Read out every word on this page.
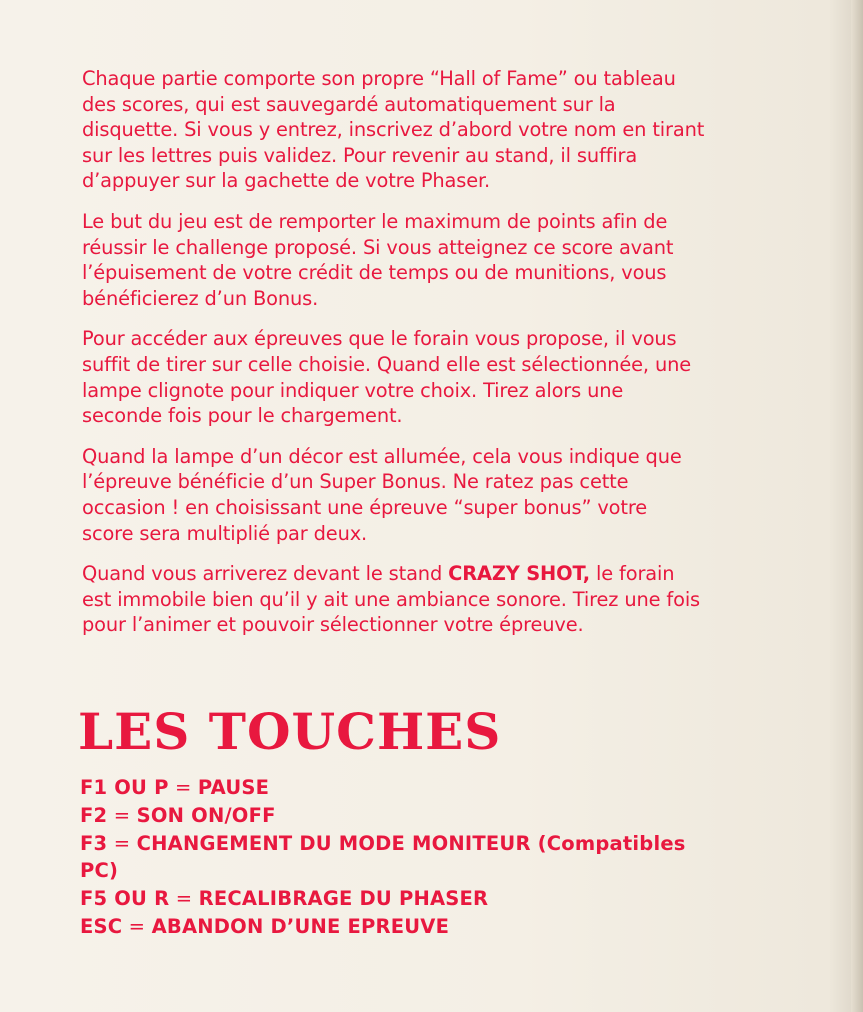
Chaque partie comporte son propre “Hall of Fame” ou tableau
des scores, qui est sauvegardé automatiquement sur la
disquette. Si vous y entrez, inscrivez d’abord votre nom en tirant
sur les lettres puis validez. Pour revenir au stand, il suffira
d’appuyer sur la gachette de votre Phaser.

Le but du jeu est de remporter le maximum de points afin de
réussir le challenge proposé. Si vous atteignez ce score avant
l’épuisement de votre crédit de temps ou de munitions, vous
bénéficierez d’un Bonus.

Pour accéder aux épreuves que le forain vous propose, il vous
suffit de tirer sur celle choisie. Quand elle est sélectionnée, une
lampe clignote pour indiquer votre choix. Tirez alors une
seconde fois pour le chargement.

Quand la lampe d’un décor est allumée, cela vous indique que
l’épreuve bénéficie d’un Super Bonus. Ne ratez pas cette
occasion ! en choisissant une épreuve “super bonus” votre
score sera multiplié par deux.

Quand vous arriverez devant le stand CRAZY SHOT, le forain
est immobile bien qu’il y ait une ambiance sonore. Tirez une fois
pour l’animer et pouvoir sélectionner votre épreuve.

LES TOUCHES
F1 OU P = PAUSE
F2 = SON ON/OFF
F3 = CHANGEMENT DU MODE MONITEUR (Compatibles
PC)
F5 OU R = RECALIBRAGE DU PHASER
ESC = ABANDON D’UNE EPREUVE
